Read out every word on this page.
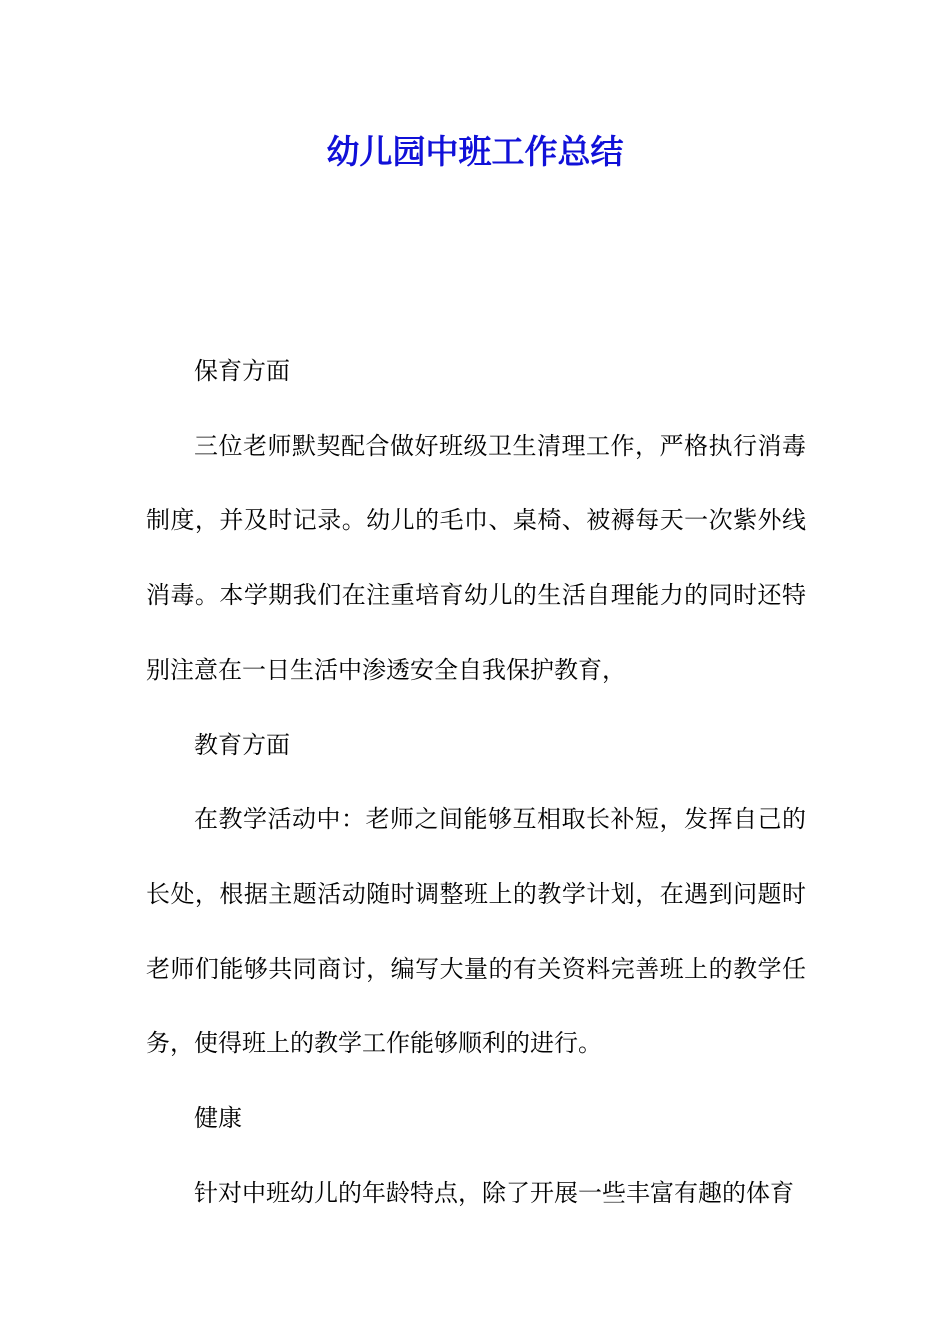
幼儿园中班工作总结

保育方面

三位老师默契配合做好班级卫生清理工作，严格执行消毒制度，并及时记录。幼儿的毛巾、桌椅、被褥每天一次紫外线消毒。本学期我们在注重培育幼儿的生活自理能力的同时还特别注意在一日生活中渗透安全自我保护教育，

教育方面

在教学活动中：老师之间能够互相取长补短，发挥自己的长处，根据主题活动随时调整班上的教学计划，在遇到问题时老师们能够共同商讨，编写大量的有关资料完善班上的教学任务，使得班上的教学工作能够顺利的进行。

健康

针对中班幼儿的年龄特点，除了开展一些丰富有趣的体育
